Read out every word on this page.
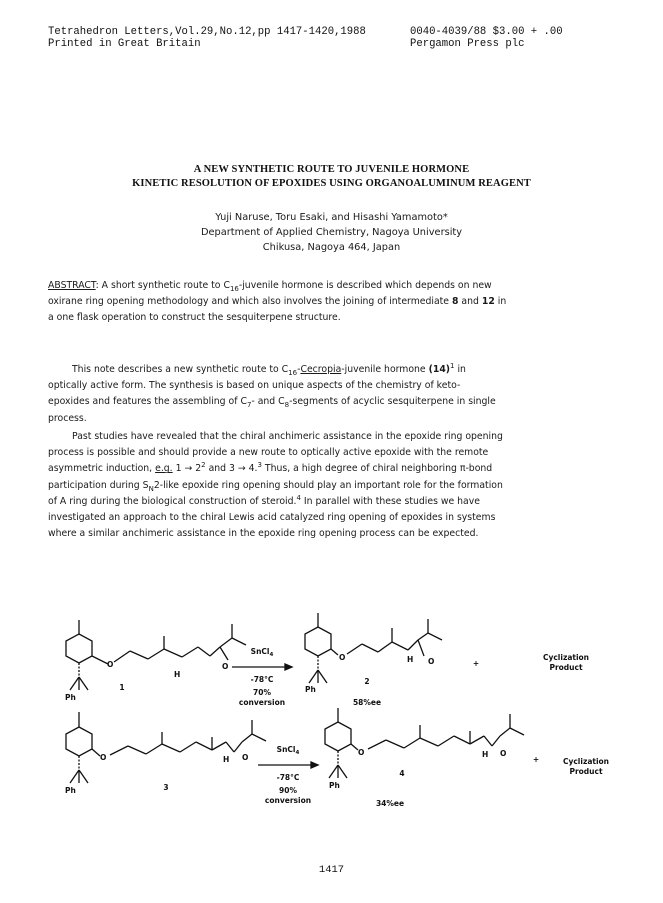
Tetrahedron Letters,Vol.29,No.12,pp 1417-1420,1988
Printed in Great Britain
0040-4039/88 $3.00 + .00
Pergamon Press plc
A NEW SYNTHETIC ROUTE TO JUVENILE HORMONE
KINETIC RESOLUTION OF EPOXIDES USING ORGANOALUMINUM REAGENT
Yuji Naruse, Toru Esaki, and Hisashi Yamamoto*
Department of Applied Chemistry, Nagoya University
Chikusa, Nagoya 464, Japan
ABSTRACT: A short synthetic route to $C_{16}$-juvenile hormone is described which depends on new
oxirane ring opening methodology and which also involves the joining of intermediate 8 and 12 in
a one flask operation to construct the sesquiterpene structure.
This note describes a new synthetic route to $C_{16}-Cecropia$-juvenile hormone $(14)^1$ in
optically active form. The synthesis is based on unique aspects of the chemistry of keto-
epoxides and features the assembling of $C_7-$ and $C_8$-segments of acyclic sesquiterpene in single
process.
Past studies have revealed that the chiral anchimeric assistance in the epoxide ring opening
process is possible and should provide a new route to optically active epoxide with the remote
asymmetric induction, e.g. $1 \to 2^2$ and 3 → 4.$^3$ Thus, a high degree of chiral neighboring π-bond
participation during $S_N2$-like epoxide ring opening should play an important role for the formation
of A ring during the biological construction of steroid.$^4$ In parallel with these studies we have
investigated an approach to the chiral Lewis acid catalyzed ring opening of epoxides in systems
where a similar anchimeric assistance in the epoxide ring opening process can be expected.
O
H
O
Ph
1
SnCl$_4$
-78°C
70%
conversion
O	H O
Ph
2
58%ee
+
Cyclization
Product
O	H O
Ph	3
SnCl$_4$
-78°C
90%
conversion
O	H O
Ph
4
34%ee
+	Cyclization
Product
1417
